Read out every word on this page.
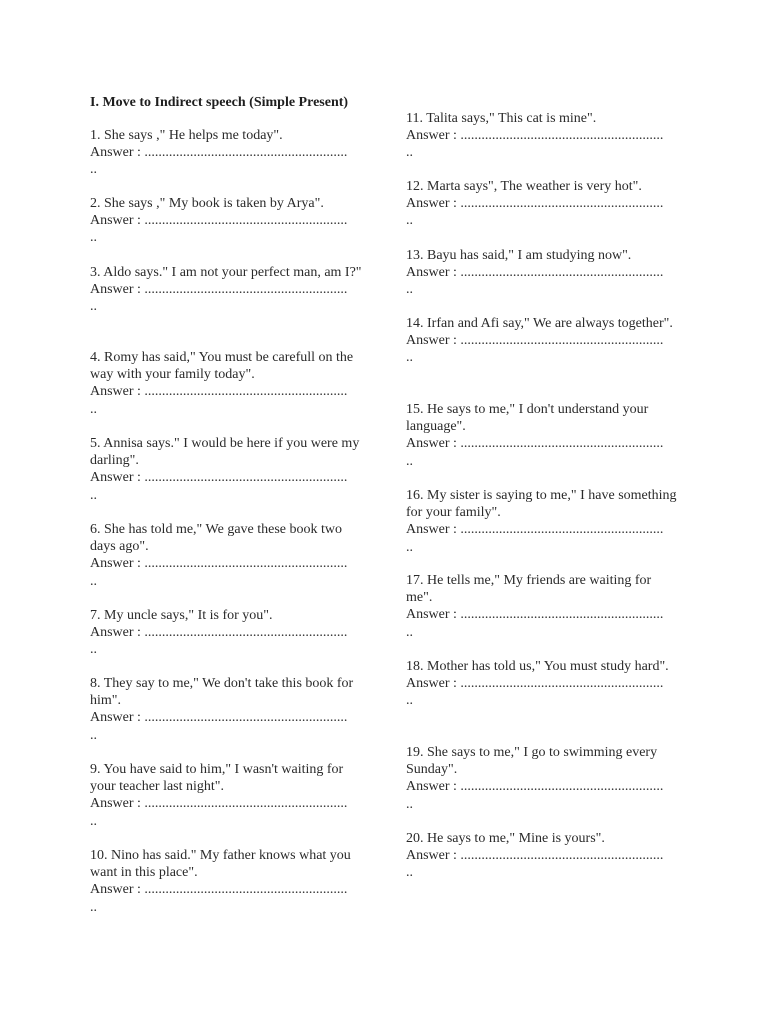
I. Move to Indirect speech (Simple Present)
1. She says ," He helps me today".
Answer : ..........................................................
..
2. She says ," My book is taken by Arya".
Answer : ..........................................................
..
3. Aldo says." I am not your perfect man, am I?"
Answer : ..........................................................
..
4. Romy has said," You must be carefull on the way with your family today".
Answer : ..........................................................
..
5. Annisa says." I would be here if you were my darling".
Answer : ..........................................................
..
6. She has told me," We gave these book two days ago".
Answer : ..........................................................
..
7. My uncle says," It is for you".
Answer : ..........................................................
..
8. They say to me," We don't take this book for him".
Answer : ..........................................................
..
9. You have said to him," I wasn't waiting for your teacher last night".
Answer : ..........................................................
..
10. Nino has said." My father knows what you want in this place".
Answer : ..........................................................
..
11. Talita says," This cat is mine".
Answer : ..........................................................
..
12. Marta says", The weather is very hot".
Answer : ..........................................................
..
13. Bayu has said," I am studying now".
Answer : ..........................................................
..
14. Irfan and Afi say," We are always together".
Answer : ..........................................................
..
15. He says to me," I don't understand your language".
Answer : ..........................................................
..
16. My sister is saying to me," I have something for your family".
Answer : ..........................................................
..
17. He tells me," My friends are waiting for me".
Answer : ..........................................................
..
18. Mother has told us," You must study hard".
Answer : ..........................................................
..
19. She says to me," I go to swimming every Sunday".
Answer : ..........................................................
..
20. He says to me," Mine is yours".
Answer : ..........................................................
..
